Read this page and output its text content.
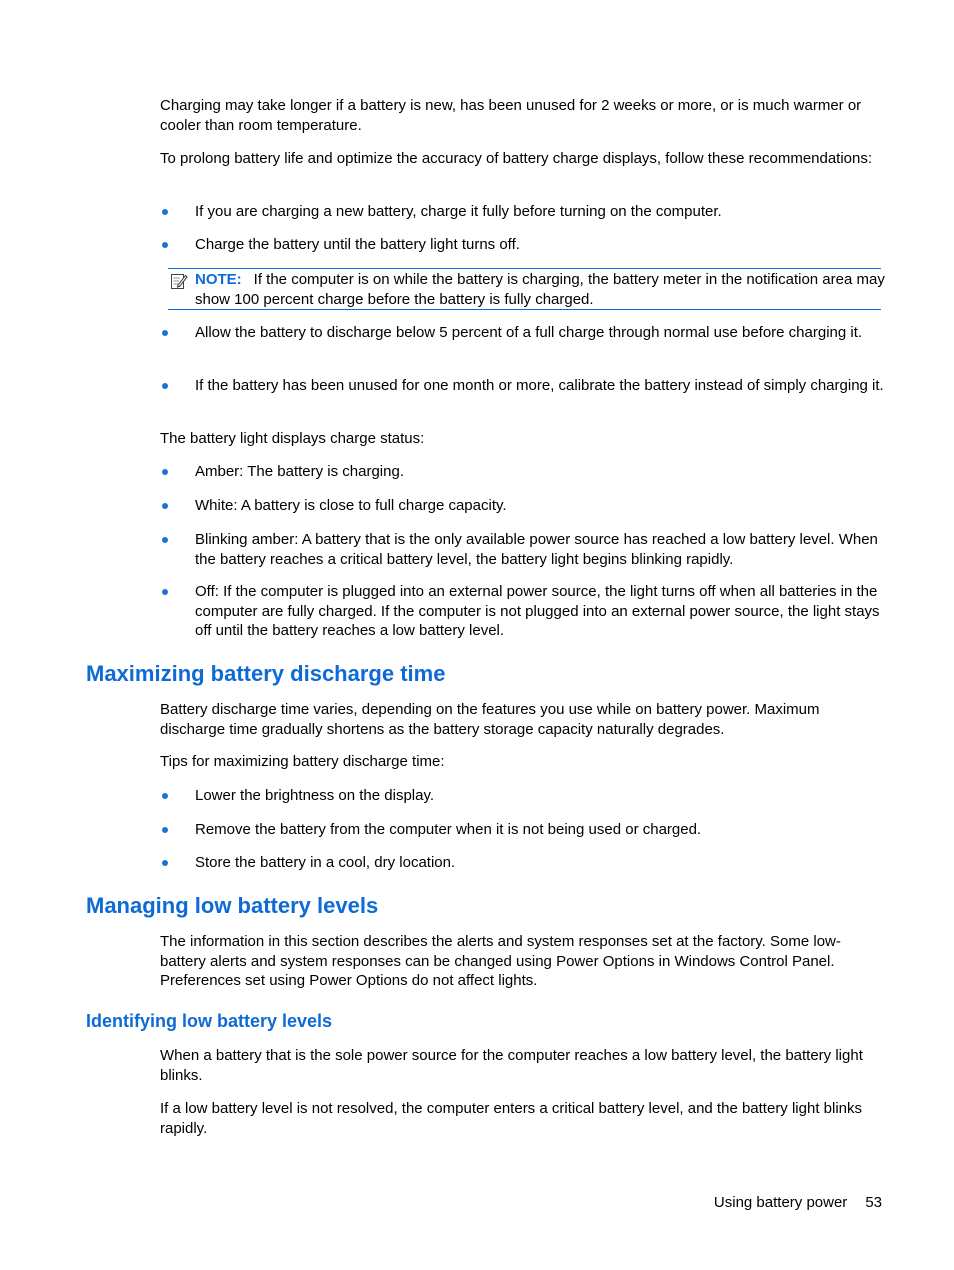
Charging may take longer if a battery is new, has been unused for 2 weeks or more, or is much warmer or cooler than room temperature.

To prolong battery life and optimize the accuracy of battery charge displays, follow these recommendations:

If you are charging a new battery, charge it fully before turning on the computer.
Charge the battery until the battery light turns off.
NOTE: If the computer is on while the battery is charging, the battery meter in the notification area may show 100 percent charge before the battery is fully charged.
Allow the battery to discharge below 5 percent of a full charge through normal use before charging it.
If the battery has been unused for one month or more, calibrate the battery instead of simply charging it.

The battery light displays charge status:

Amber: The battery is charging.
White: A battery is close to full charge capacity.
Blinking amber: A battery that is the only available power source has reached a low battery level. When the battery reaches a critical battery level, the battery light begins blinking rapidly.
Off: If the computer is plugged into an external power source, the light turns off when all batteries in the computer are fully charged. If the computer is not plugged into an external power source, the light stays off until the battery reaches a low battery level.
Maximizing battery discharge time

Battery discharge time varies, depending on the features you use while on battery power. Maximum discharge time gradually shortens as the battery storage capacity naturally degrades.

Tips for maximizing battery discharge time:

Lower the brightness on the display.
Remove the battery from the computer when it is not being used or charged.
Store the battery in a cool, dry location.
Managing low battery levels

The information in this section describes the alerts and system responses set at the factory. Some low-battery alerts and system responses can be changed using Power Options in Windows Control Panel. Preferences set using Power Options do not affect lights.

Identifying low battery levels

When a battery that is the sole power source for the computer reaches a low battery level, the battery light blinks.

If a low battery level is not resolved, the computer enters a critical battery level, and the battery light blinks rapidly.

Using battery power 53
